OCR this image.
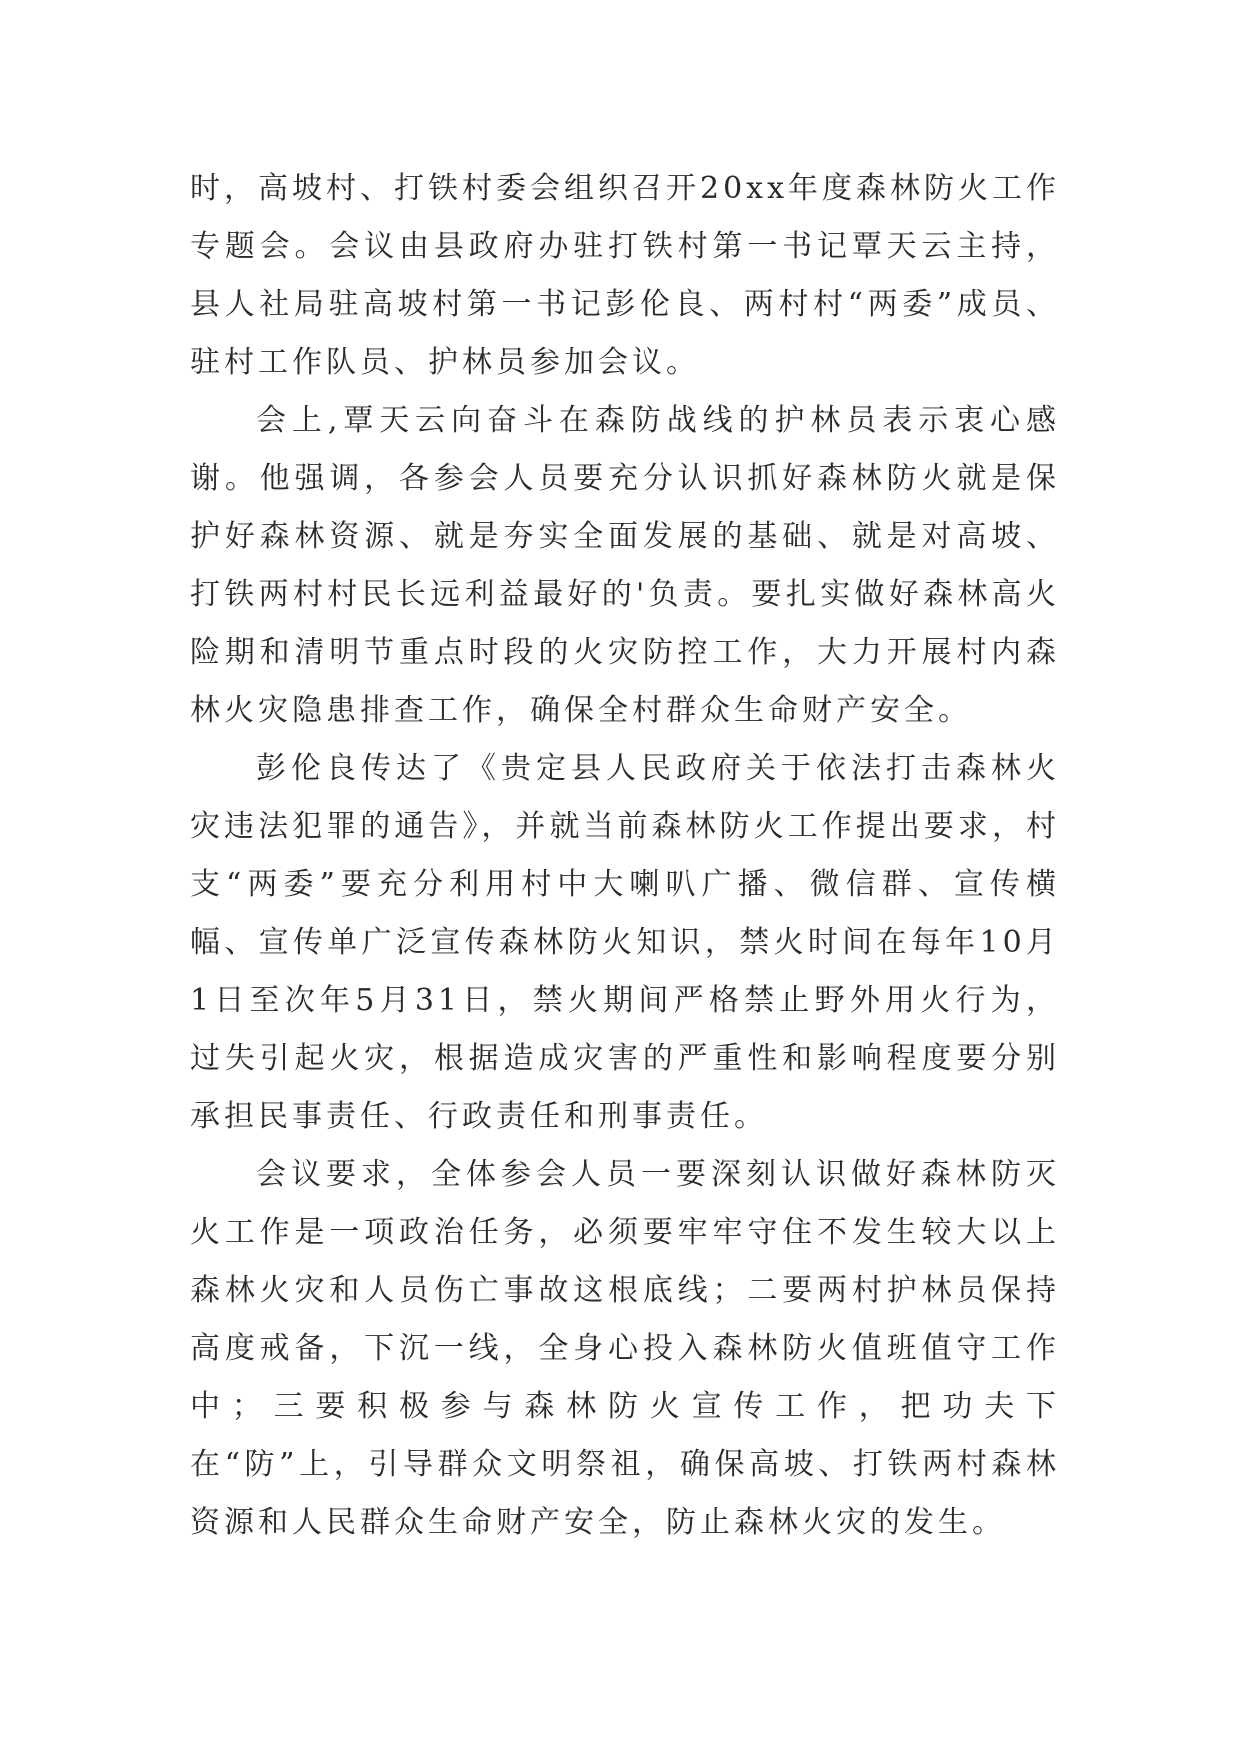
时，高坡村、打铁村委会组织召开20xx年度森林防火工作专题会。会议由县政府办驻打铁村第一书记覃天云主持，县人社局驻高坡村第一书记彭伦良、两村村“两委”成员、驻村工作队员、护林员参加会议。

会上,覃天云向奋斗在森防战线的护林员表示衷心感谢。他强调，各参会人员要充分认识抓好森林防火就是保护好森林资源、就是夯实全面发展的基础、就是对高坡、打铁两村村民长远利益最好的'负责。要扎实做好森林高火险期和清明节重点时段的火灾防控工作，大力开展村内森林火灾隐患排查工作，确保全村群众生命财产安全。

彭伦良传达了《贵定县人民政府关于依法打击森林火灾违法犯罪的通告》，并就当前森林防火工作提出要求，村支“两委”要充分利用村中大喇叭广播、微信群、宣传横幅、宣传单广泛宣传森林防火知识，禁火时间在每年10月1日至次年5月31日，禁火期间严格禁止野外用火行为，过失引起火灾，根据造成灾害的严重性和影响程度要分别承担民事责任、行政责任和刑事责任。

会议要求，全体参会人员一要深刻认识做好森林防灭火工作是一项政治任务，必须要牢牢守住不发生较大以上森林火灾和人员伤亡事故这根底线；二要两村护林员保持高度戒备，下沉一线，全身心投入森林防火值班值守工作中；三要积极参与森林防火宣传工作，把功夫下在“防”上，引导群众文明祭祖，确保高坡、打铁两村森林资源和人民群众生命财产安全，防止森林火灾的发生。
